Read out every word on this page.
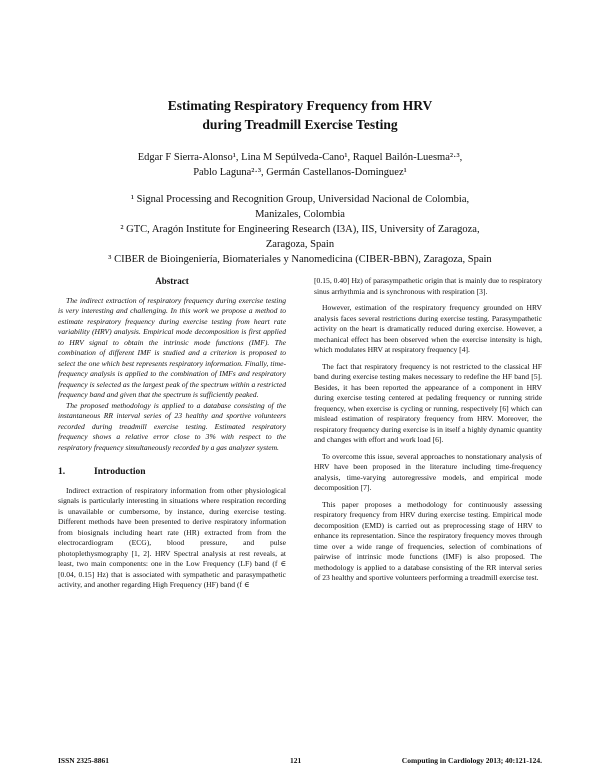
Estimating Respiratory Frequency from HRV
during Treadmill Exercise Testing
Edgar F Sierra-Alonso¹, Lina M Sepúlveda-Cano¹, Raquel Bailón-Luesma²·³,
Pablo Laguna²·³, Germán Castellanos-Dominguez¹

¹ Signal Processing and Recognition Group, Universidad Nacional de Colombia,

Manizales, Colombia

² GTC, Aragón Institute for Engineering Research (I3A), IIS, University of Zaragoza,

Zaragoza, Spain

³ CIBER de Bioingeniería, Biomateriales y Nanomedicina (CIBER-BBN), Zaragoza, Spain

Abstract

The indirect extraction of respiratory frequency during exercise testing is very interesting and challenging. In this work we propose a method to estimate respiratory frequency during exercise testing from heart rate variability (HRV) analysis. Empirical mode decomposition is first applied to HRV signal to obtain the intrinsic mode functions (IMF). The combination of different IMF is studied and a criterion is proposed to select the one which best represents respiratory information. Finally, time-frequency analysis is applied to the combination of IMFs and respiratory frequency is selected as the largest peak of the spectrum within a restricted frequency band and given that the spectrum is sufficiently peaked.

The proposed methodology is applied to a database consisting of the instantaneous RR interval series of 23 healthy and sportive volunteers recorded during treadmill exercise testing. Estimated respiratory frequency shows a relative error close to 3% with respect to the respiratory frequency simultaneously recorded by a gas analyzer system.

1.	Introduction

Indirect extraction of respiratory information from other physiological signals is particularly interesting in situations where respiration recording is unavailable or cumbersome, by instance, during exercise testing. Different methods have been presented to derive respiratory information from biosignals including heart rate (HR) extracted from from the electrocardiogram (ECG), blood pressure, and pulse photoplethysmography [1, 2]. HRV Spectral analysis at rest reveals, at least, two main components: one in the Low Frequency (LF) band (f ∈ [0.04, 0.15] Hz) that is associated with sympathetic and parasympathetic activity, and another regarding High Frequency (HF) band (f ∈

[0.15, 0.40] Hz) of parasympathetic origin that is mainly due to respiratory sinus arrhythmia and is synchronous with respiration [3].

However, estimation of the respiratory frequency grounded on HRV analysis faces several restrictions during exercise testing. Parasympathetic activity on the heart is dramatically reduced during exercise. However, a mechanical effect has been observed when the exercise intensity is high, which modulates HRV at respiratory frequency [4].

The fact that respiratory frequency is not restricted to the classical HF band during exercise testing makes necessary to redefine the HF band [5]. Besides, it has been reported the appearance of a component in HRV during exercise testing centered at pedaling frequency or running stride frequency, when exercise is cycling or running, respectively [6] which can mislead estimation of respiratory frequency from HRV. Moreover, the respiratory frequency during exercise is in itself a highly dynamic quantity and changes with effort and work load [6].

To overcome this issue, several approaches to nonstationary analysis of HRV have been proposed in the literature including time-frequency analysis, time-varying autoregressive models, and empirical mode decomposition [7].

This paper proposes a methodology for continuously assessing respiratory frequency from HRV during exercise testing. Empirical mode decomposition (EMD) is carried out as preprocessing stage of HRV to enhance its representation. Since the respiratory frequency moves through time over a wide range of frequencies, selection of combinations of pairwise of intrinsic mode functions (IMF) is also proposed. The methodology is applied to a database consisting of the RR interval series of 23 healthy and sportive volunteers performing a treadmill exercise test.

ISSN 2325-8861	121	Computing in Cardiology 2013; 40:121-124.
